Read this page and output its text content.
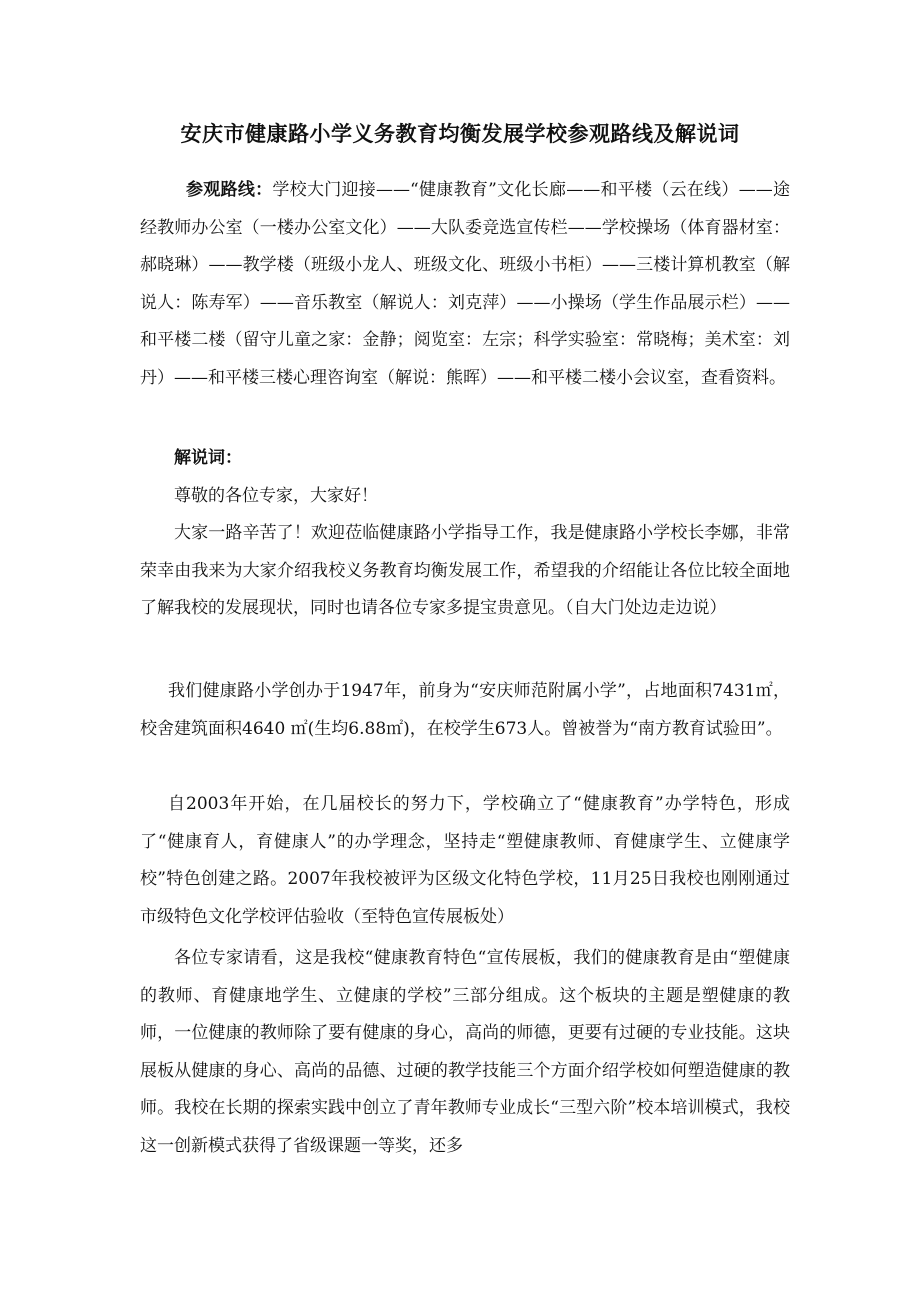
安庆市健康路小学义务教育均衡发展学校参观路线及解说词

参观路线：学校大门迎接——“健康教育”文化长廊——和平楼（云在线）——途经教师办公室（一楼办公室文化）——大队委竞选宣传栏——学校操场（体育器材室：郝晓琳）——教学楼（班级小龙人、班级文化、班级小书柜）——三楼计算机教室（解说人：陈寿军）——音乐教室（解说人：刘克萍）——小操场（学生作品展示栏）——和平楼二楼（留守儿童之家：金静；阅览室：左宗；科学实验室：常晓梅；美术室：刘丹）——和平楼三楼心理咨询室（解说：熊晖）——和平楼二楼小会议室，查看资料。

解说词：

尊敬的各位专家，大家好！

大家一路辛苦了！欢迎莅临健康路小学指导工作，我是健康路小学校长李娜，非常荣幸由我来为大家介绍我校义务教育均衡发展工作，希望我的介绍能让各位比较全面地了解我校的发展现状，同时也请各位专家多提宝贵意见。（自大门处边走边说）

我们健康路小学创办于1947年，前身为“安庆师范附属小学”，占地面积7431㎡，校舍建筑面积4640 ㎡(生均6.88㎡)，在校学生673人。曾被誉为“南方教育试验田”。

自2003年开始，在几届校长的努力下，学校确立了“健康教育”办学特色，形成了“健康育人，育健康人”的办学理念，坚持走“塑健康教师、育健康学生、立健康学校”特色创建之路。2007年我校被评为区级文化特色学校，11月25日我校也刚刚通过市级特色文化学校评估验收（至特色宣传展板处）

各位专家请看，这是我校“健康教育特色“宣传展板，我们的健康教育是由“塑健康的教师、育健康地学生、立健康的学校”三部分组成。这个板块的主题是塑健康的教师，一位健康的教师除了要有健康的身心，高尚的师德，更要有过硬的专业技能。这块展板从健康的身心、高尚的品德、过硬的教学技能三个方面介绍学校如何塑造健康的教师。我校在长期的探索实践中创立了青年教师专业成长“三型六阶”校本培训模式，我校这一创新模式获得了省级课题一等奖，还多
